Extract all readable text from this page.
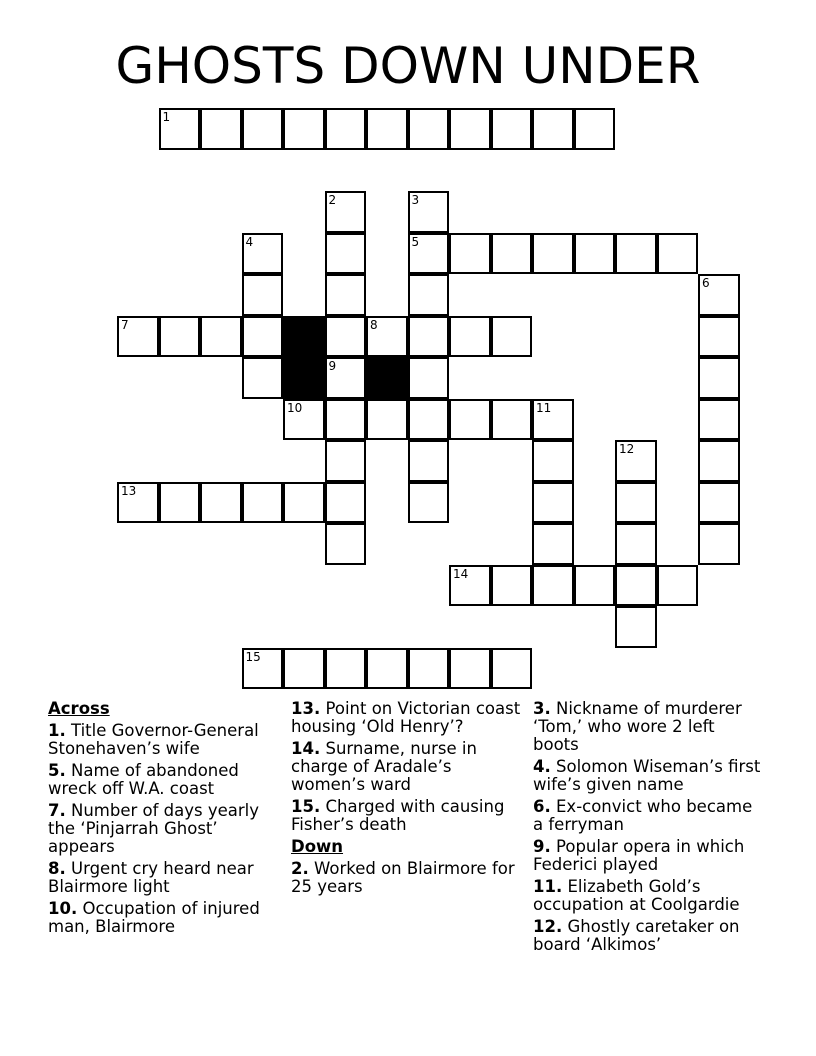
GHOSTS DOWN UNDER
1
2
9
3
5
4
6
7	8
10	11
12
13
14
15
Across
1. Title Governor-General Stonehaven’s wife
5. Name of abandoned wreck off W.A. coast
7. Number of days yearly the ‘Pinjarrah Ghost’ appears
8. Urgent cry heard near Blairmore light
10. Occupation of injured man, Blairmore
13. Point on Victorian coast housing ‘Old Henry’?
14. Surname, nurse in charge of Aradale’s women’s ward
15. Charged with causing Fisher’s death
Down
2. Worked on Blairmore for 25 years
3. Nickname of murderer ‘Tom,’ who wore 2 left boots
4. Solomon Wiseman’s first wife’s given name
6. Ex-convict who became a ferryman
9. Popular opera in which Federici played
11. Elizabeth Gold’s occupation at Coolgardie
12. Ghostly caretaker on board ‘Alkimos’
